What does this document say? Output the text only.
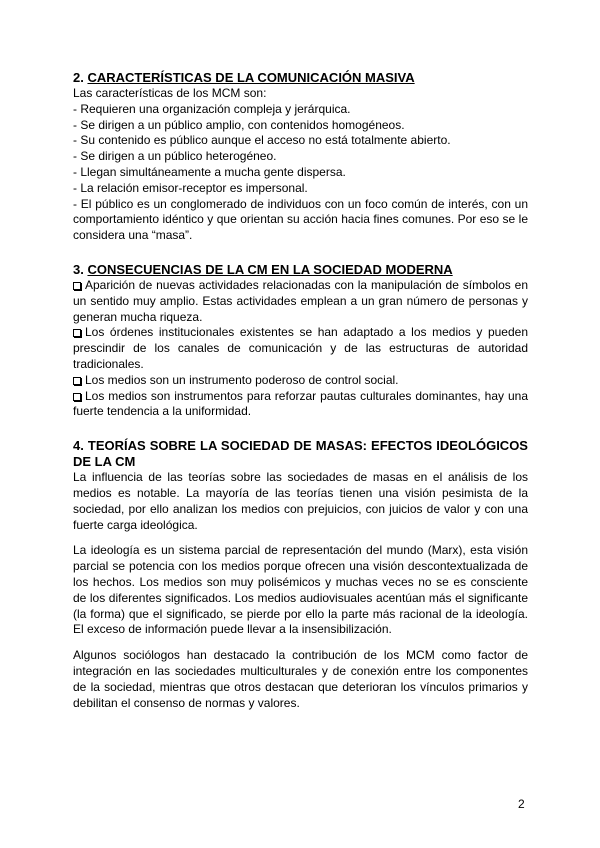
2. CARACTERÍSTICAS DE LA COMUNICACIÓN MASIVA

Las características de los MCM son:

- Requieren una organización compleja y jerárquica.

- Se dirigen a un público amplio, con contenidos homogéneos.

- Su contenido es público aunque el acceso no está totalmente abierto.

- Se dirigen a un público heterogéneo.

- Llegan simultáneamente a mucha gente dispersa.

- La relación emisor-receptor es impersonal.

- El público es un conglomerado de individuos con un foco común de interés, con un comportamiento idéntico y que orientan su acción hacia fines comunes. Por eso se le considera una “masa”.

3. CONSECUENCIAS DE LA CM EN LA SOCIEDAD MODERNA

Aparición de nuevas actividades relacionadas con la manipulación de símbolos en un sentido muy amplio. Estas actividades emplean a un gran número de personas y generan mucha riqueza.

Los órdenes institucionales existentes se han adaptado a los medios y pueden prescindir de los canales de comunicación y de las estructuras de autoridad tradicionales.

Los medios son un instrumento poderoso de control social.

Los medios son instrumentos para reforzar pautas culturales dominantes, hay una fuerte tendencia a la uniformidad.

4. TEORÍAS SOBRE LA SOCIEDAD DE MASAS: EFECTOS IDEOLÓGICOS DE LA CM

La influencia de las teorías sobre las sociedades de masas en el análisis de los medios es notable. La mayoría de las teorías tienen una visión pesimista de la sociedad, por ello analizan los medios con prejuicios, con juicios de valor y con una fuerte carga ideológica.

La ideología es un sistema parcial de representación del mundo (Marx), esta visión parcial se potencia con los medios porque ofrecen una visión descontextualizada de los hechos. Los medios son muy polisémicos y muchas veces no se es consciente de los diferentes significados. Los medios audiovisuales acentúan más el significante (la forma) que el significado, se pierde por ello la parte más racional de la ideología. El exceso de información puede llevar a la insensibilización.

Algunos sociólogos han destacado la contribución de los MCM como factor de integración en las sociedades multiculturales y de conexión entre los componentes de la sociedad, mientras que otros destacan que deterioran los vínculos primarios y debilitan el consenso de normas y valores.

2
